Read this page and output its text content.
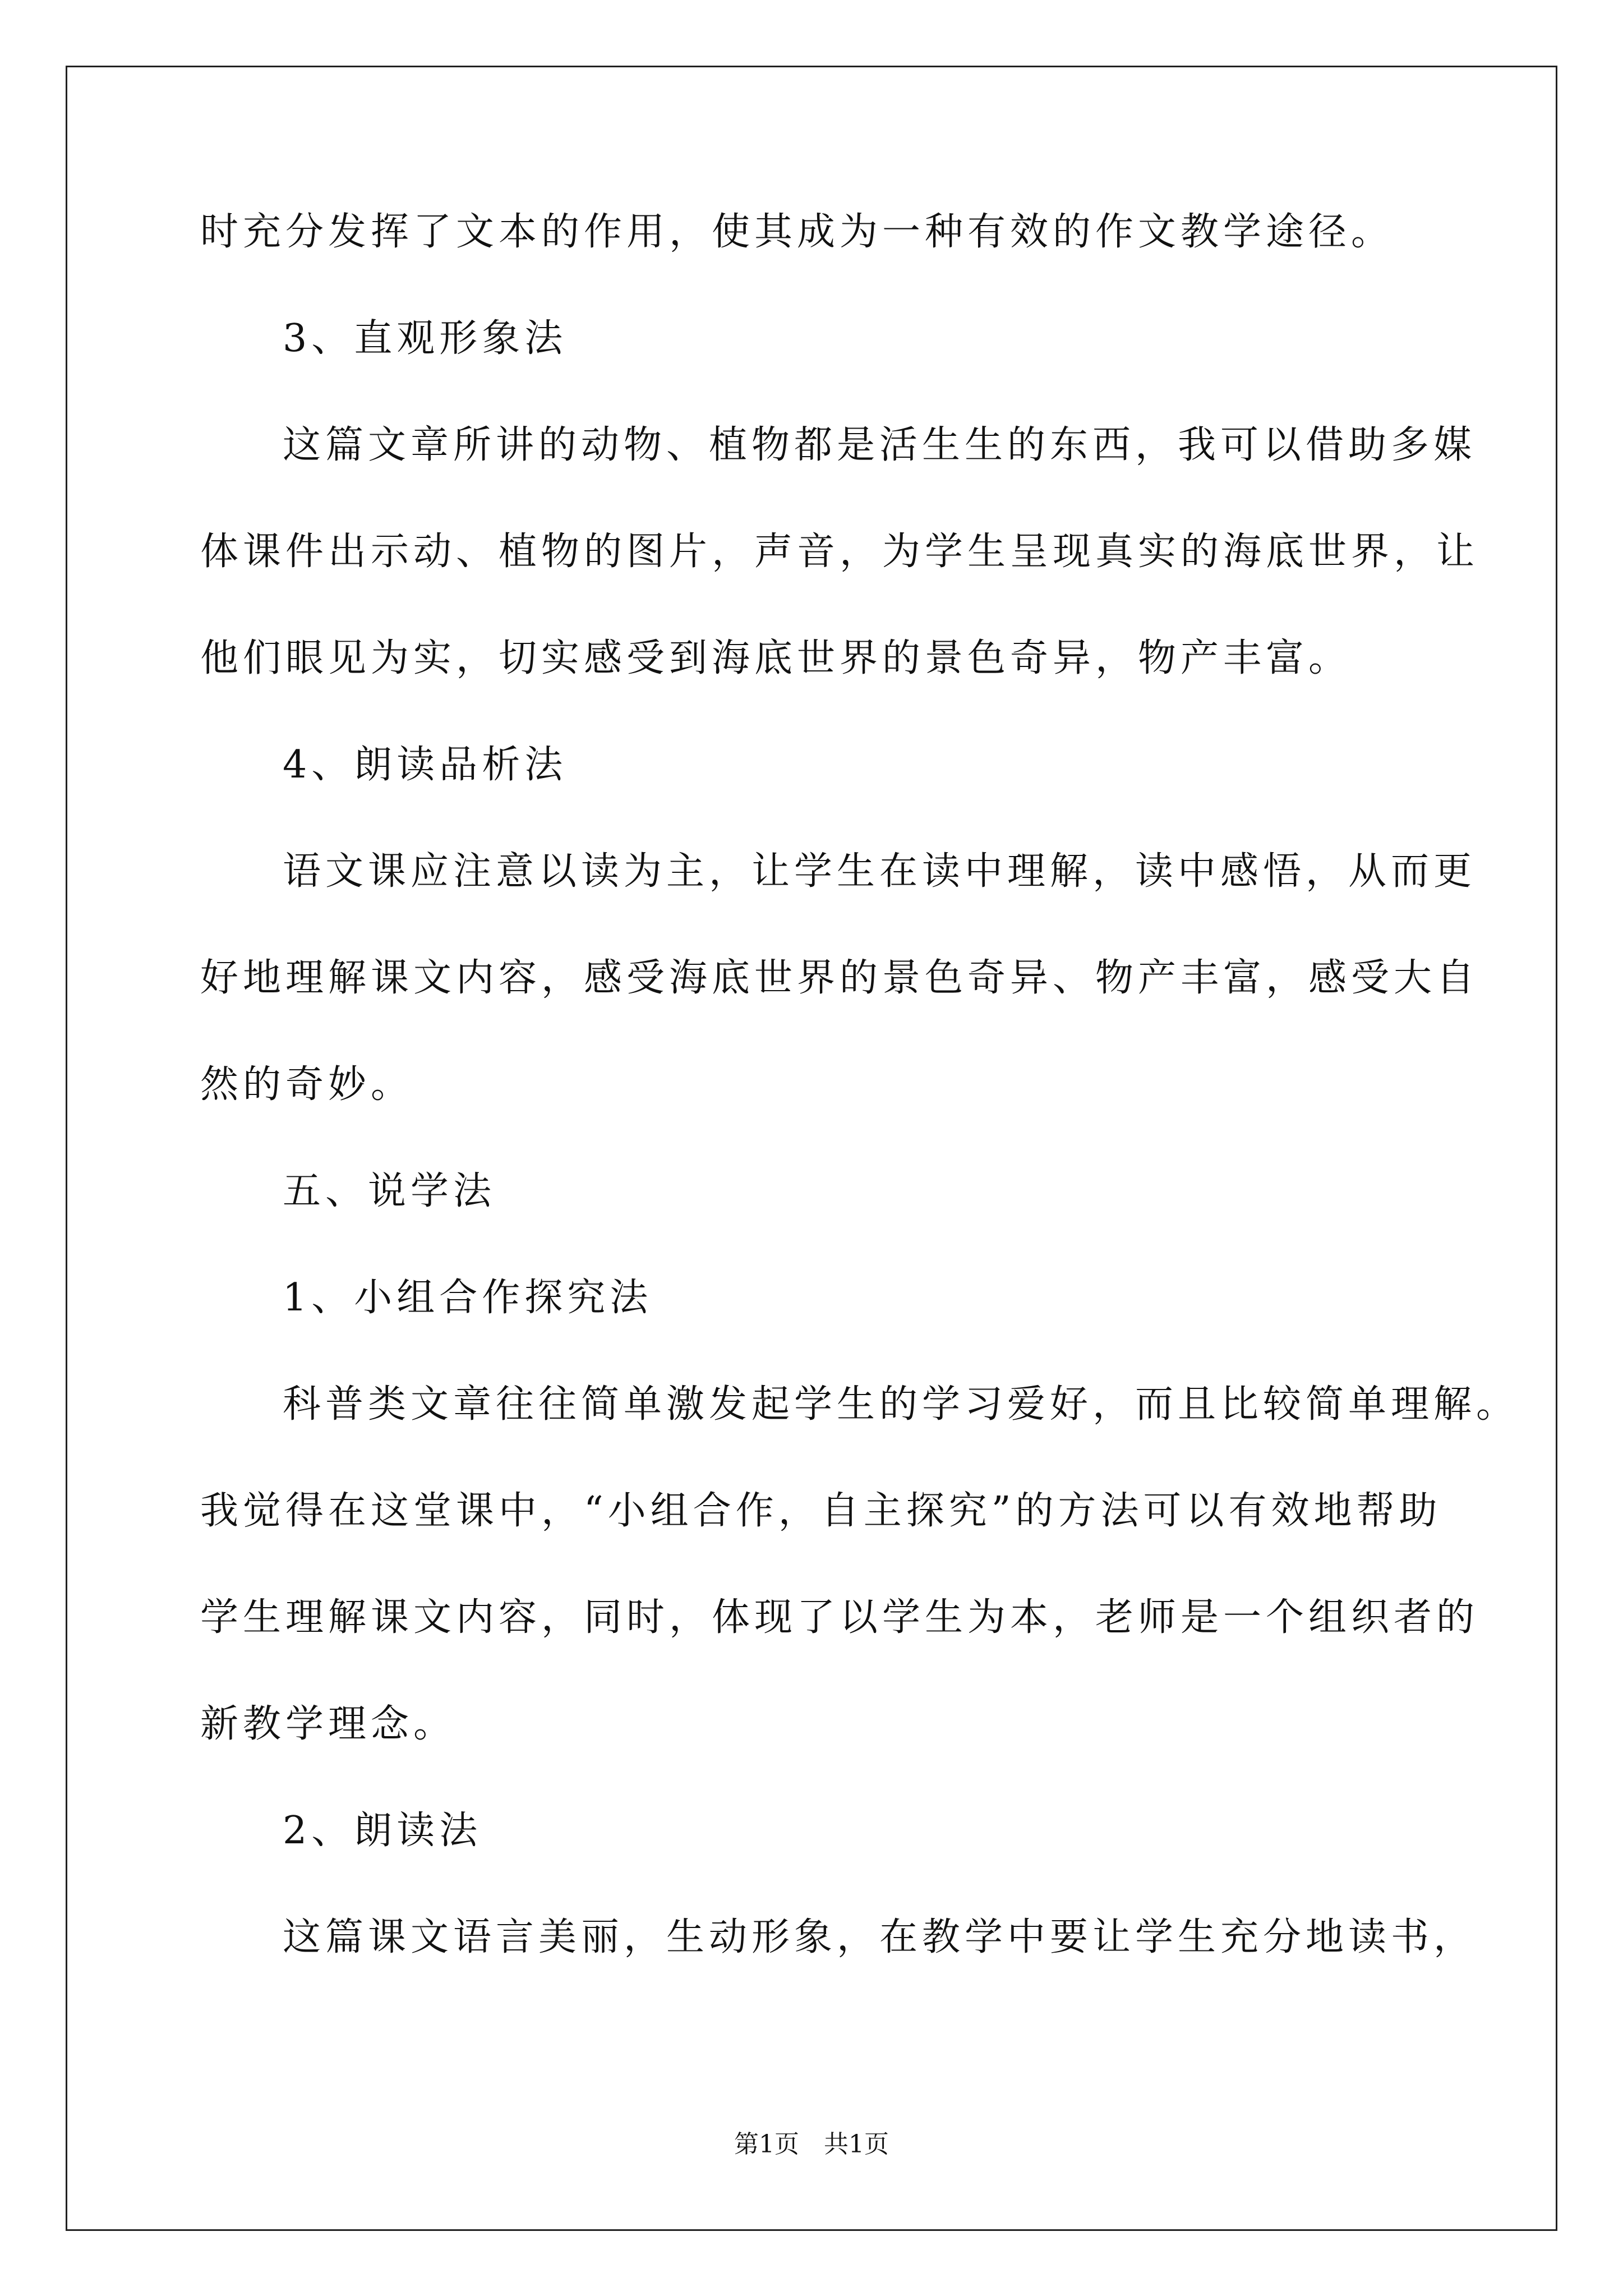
时充分发挥了文本的作用，使其成为一种有效的作文教学途径。
3、直观形象法
这篇文章所讲的动物、植物都是活生生的东西，我可以借助多媒
体课件出示动、植物的图片，声音，为学生呈现真实的海底世界，让
他们眼见为实，切实感受到海底世界的景色奇异，物产丰富。
4、朗读品析法
语文课应注意以读为主，让学生在读中理解，读中感悟，从而更
好地理解课文内容，感受海底世界的景色奇异、物产丰富，感受大自
然的奇妙。
五、说学法
1、小组合作探究法
科普类文章往往简单激发起学生的学习爱好，而且比较简单理解。
我觉得在这堂课中，“小组合作，自主探究”的方法可以有效地帮助
学生理解课文内容，同时，体现了以学生为本，老师是一个组织者的
新教学理念。
2、朗读法
这篇课文语言美丽，生动形象，在教学中要让学生充分地读书，
第1页　共1页
